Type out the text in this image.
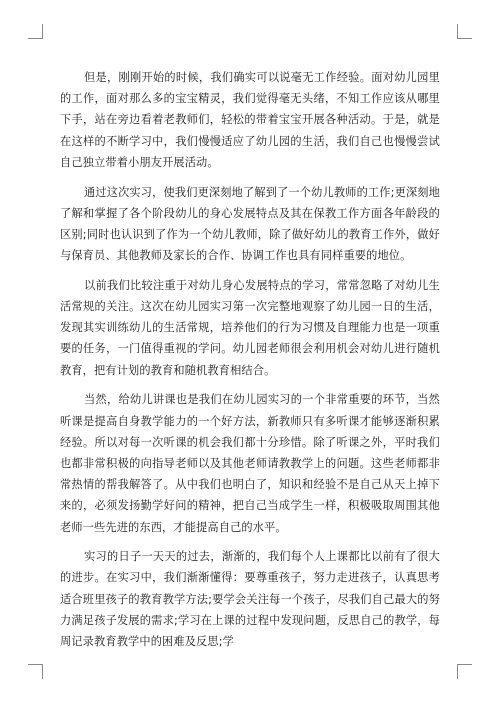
但是，刚刚开始的时候，我们确实可以说毫无工作经验。面对幼儿园里的工作，面对那么多的宝宝精灵，我们觉得毫无头绪，不知工作应该从哪里下手，站在旁边看着老教师们，轻松的带着宝宝开展各种活动。于是，就是在这样的不断学习中，我们慢慢适应了幼儿园的生活，我们自己也慢慢尝试自己独立带着小朋友开展活动。

通过这次实习，使我们更深刻地了解到了一个幼儿教师的工作;更深刻地了解和掌握了各个阶段幼儿的身心发展特点及其在保教工作方面各年龄段的区别;同时也认识到了作为一个幼儿教师，除了做好幼儿的教育工作外，做好与保育员、其他教师及家长的合作、协调工作也具有同样重要的地位。

以前我们比较注重于对幼儿身心发展特点的学习，常常忽略了对幼儿生活常规的关注。这次在幼儿园实习第一次完整地观察了幼儿园一日的生活，发现其实训练幼儿的生活常规，培养他们的行为习惯及自理能力也是一项重要的任务，一门值得重视的学问。幼儿园老师很会利用机会对幼儿进行随机教育，把有计划的教育和随机教育相结合。

当然，给幼儿讲课也是我们在幼儿园实习的一个非常重要的环节，当然听课是提高自身教学能力的一个好方法，新教师只有多听课才能够逐渐积累经验。所以对每一次听课的机会我们都十分珍惜。除了听课之外，平时我们也都非常积极的向指导老师以及其他老师请教教学上的问题。这些老师都非常热情的帮我解答了。从中我们也明白了，知识和经验不是自己从天上掉下来的，必须发扬勤学好问的精神，把自己当成学生一样，积极吸取周围其他老师一些先进的东西，才能提高自己的水平。

实习的日子一天天的过去，渐渐的，我们每个人上课都比以前有了很大的进步。在实习中，我们渐渐懂得：要尊重孩子，努力走进孩子，认真思考适合班里孩子的教育教学方法;要学会关注每一个孩子，尽我们自己最大的努力满足孩子发展的需求;学习在上课的过程中发现问题，反思自己的教学，每周记录教育教学中的困难及反思;学
